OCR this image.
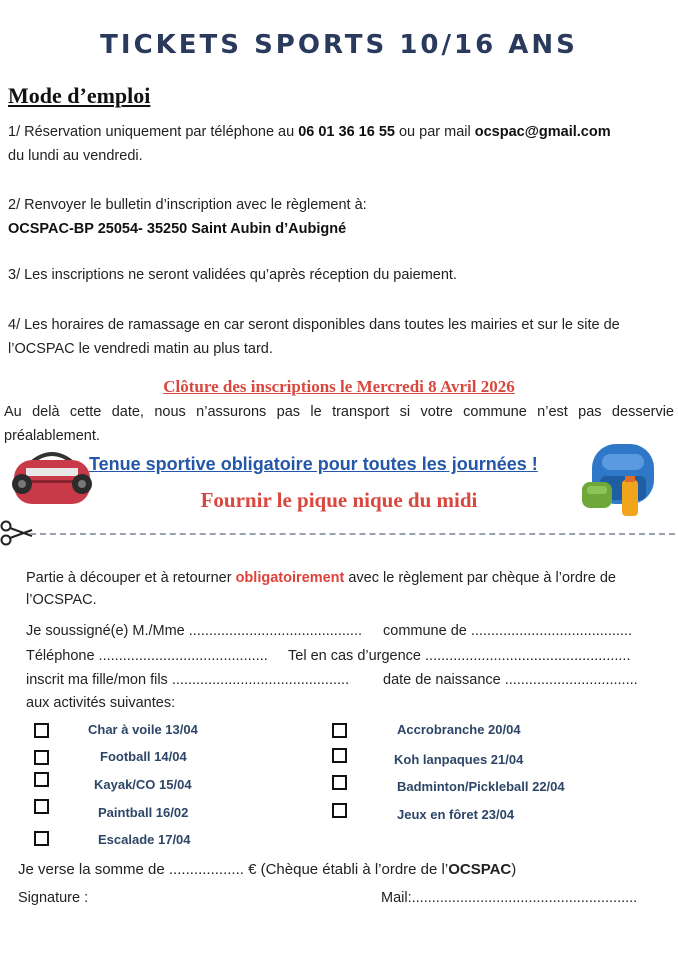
TICKETS SPORTS 10/16 ANS
Mode d’emploi
1/ Réservation uniquement par téléphone au 06 01 36 16 55 ou par mail ocspac@gmail.com
du lundi au vendredi.
2/ Renvoyer le bulletin d’inscription avec le règlement à:
OCSPAC-BP 25054- 35250 Saint Aubin d’Aubigné
3/ Les inscriptions ne seront validées qu’après réception du paiement.
4/ Les horaires de ramassage en car seront disponibles dans toutes les mairies et sur le site de
l’OCSPAC le vendredi matin au plus tard.
Clôture des inscriptions le Mercredi 8 Avril 2026
Au delà cette date, nous n’assurons pas le transport si votre commune n’est pas desservie
préalablement.
Tenue sportive obligatoire pour toutes les journées !
Fournir le pique nique du midi
Partie à découper et à retourner obligatoirement avec le règlement par chèque à l’ordre de
l’OCSPAC.
Je soussigné(e) M./Mme ........................................... commune de ........................................
Téléphone .......................................... Tel en cas d’urgence ...................................................
inscrit ma fille/mon fils ............................................ date de naissance .................................
aux activités suivantes:
Char à voile 13/04
Football 14/04
Kayak/CO 15/04
Paintball 16/02
Escalade 17/04
Accrobranche 20/04
Koh lanpaques 21/04
Badminton/Pickleball 22/04
Jeux en fôret 23/04
Je verse la somme de .................. € (Chèque établi à l’ordre de l’OCSPAC)
Signature :	Mail:........................................................
